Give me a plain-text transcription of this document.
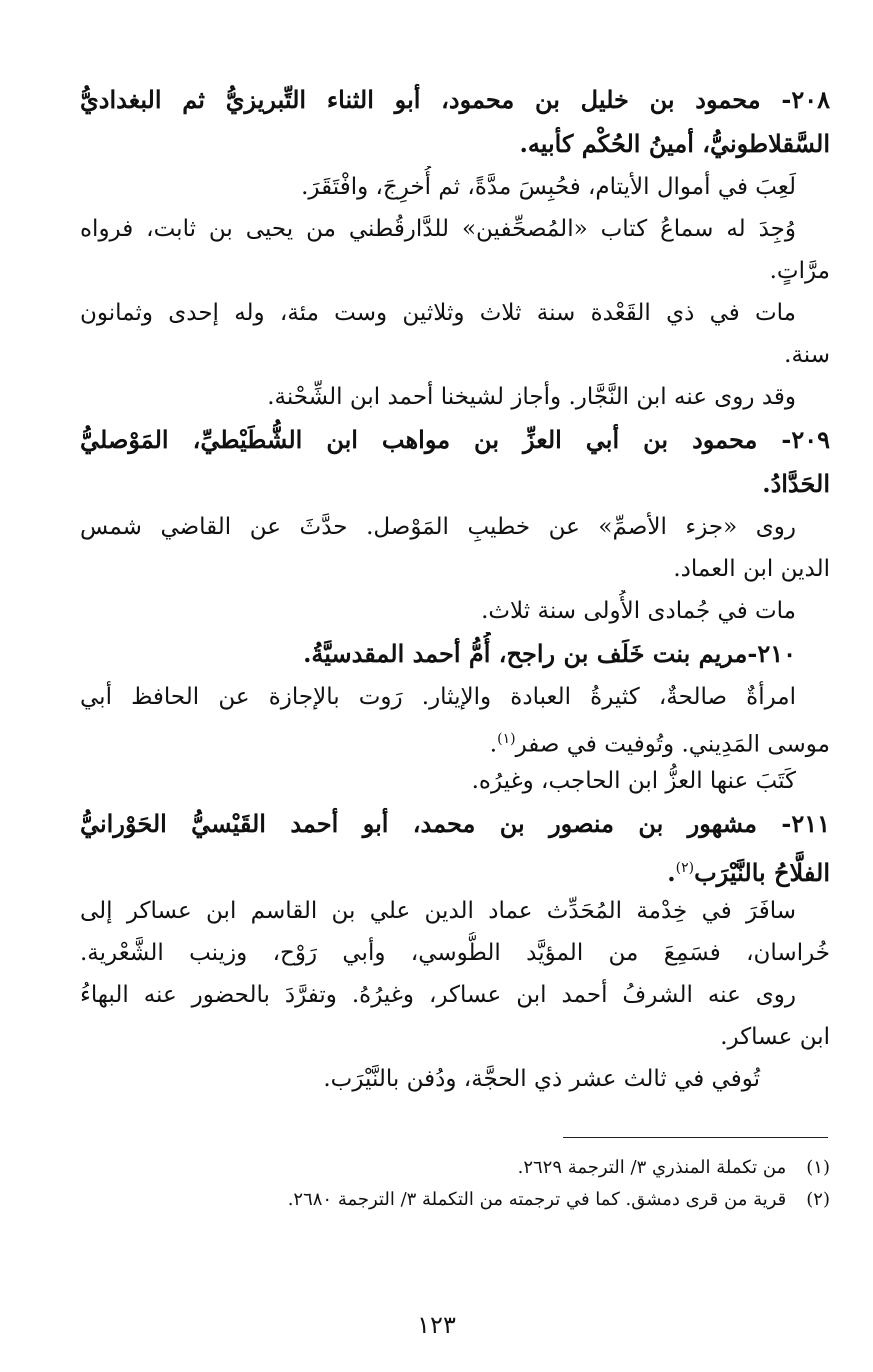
٢٠٨- محمود بن خليل بن محمود، أبو الثناء التِّبريزيُّ ثم البغداديُّ
السَّقلاطونيُّ، أمينُ الحُكْم كأبيه.
لَعِبَ في أموال الأيتام، فحُبِسَ مدَّةً، ثم أُخرِجَ، وافْتَقَرَ.
وُجِدَ له سماعُ كتاب «المُصحِّفين» للدَّارقُطني من يحيى بن ثابت، فرواه
مرَّاتٍ.
مات في ذي القَعْدة سنة ثلاث وثلاثين وست مئة، وله إحدى وثمانون
سنة.
وقد روى عنه ابن النَّجَّار. وأجاز لشيخنا أحمد ابن الشِّحْنة.
٢٠٩- محمود بن أبي العزِّ بن مواهب ابن الشُّطَيْطيِّ، المَوْصليُّ
الحَدَّادُ.
روى «جزء الأصمِّ» عن خطيبِ المَوْصل. حدَّثَ عن القاضي شمس
الدين ابن العماد.
مات في جُمادى الأُولى سنة ثلاث.
٢١٠-مريم بنت خَلَف بن راجح، أُمُّ أحمد المقدسيَّةُ.
امرأةٌ صالحةٌ، كثيرةُ العبادة والإيثار. رَوت بالإجازة عن الحافظ أبي
موسى المَدِيني. وتُوفيت في صفر$^{(١)}$.
كَتَبَ عنها العزُّ ابن الحاجب، وغيرُه.
٢١١- مشهور بن منصور بن محمد، أبو أحمد القَيْسيُّ الحَوْرانيُّ
الفلَّاحُ بالنَّيْرَب$^{(٢)}$.
سافَرَ في خِدْمة المُحَدِّث عماد الدين علي بن القاسم ابن عساكر إلى
خُراسان، فسَمِعَ من المؤيَّد الطُّوسي، وأبي رَوْح، وزينب الشَّعْرية.
روى عنه الشرفُ أحمد ابن عساكر، وغيرُهُ. وتفرَّدَ بالحضور عنه البهاءُ
ابن عساكر.
تُوفي في ثالث عشر ذي الحجَّة، ودُفن بالنَّيْرَب.
(١) من تكملة المنذري ٣/ الترجمة ٢٦٢٩.
(٢) قرية من قرى دمشق. كما في ترجمته من التكملة ٣/ الترجمة ٢٦٨٠.
١٢٣
